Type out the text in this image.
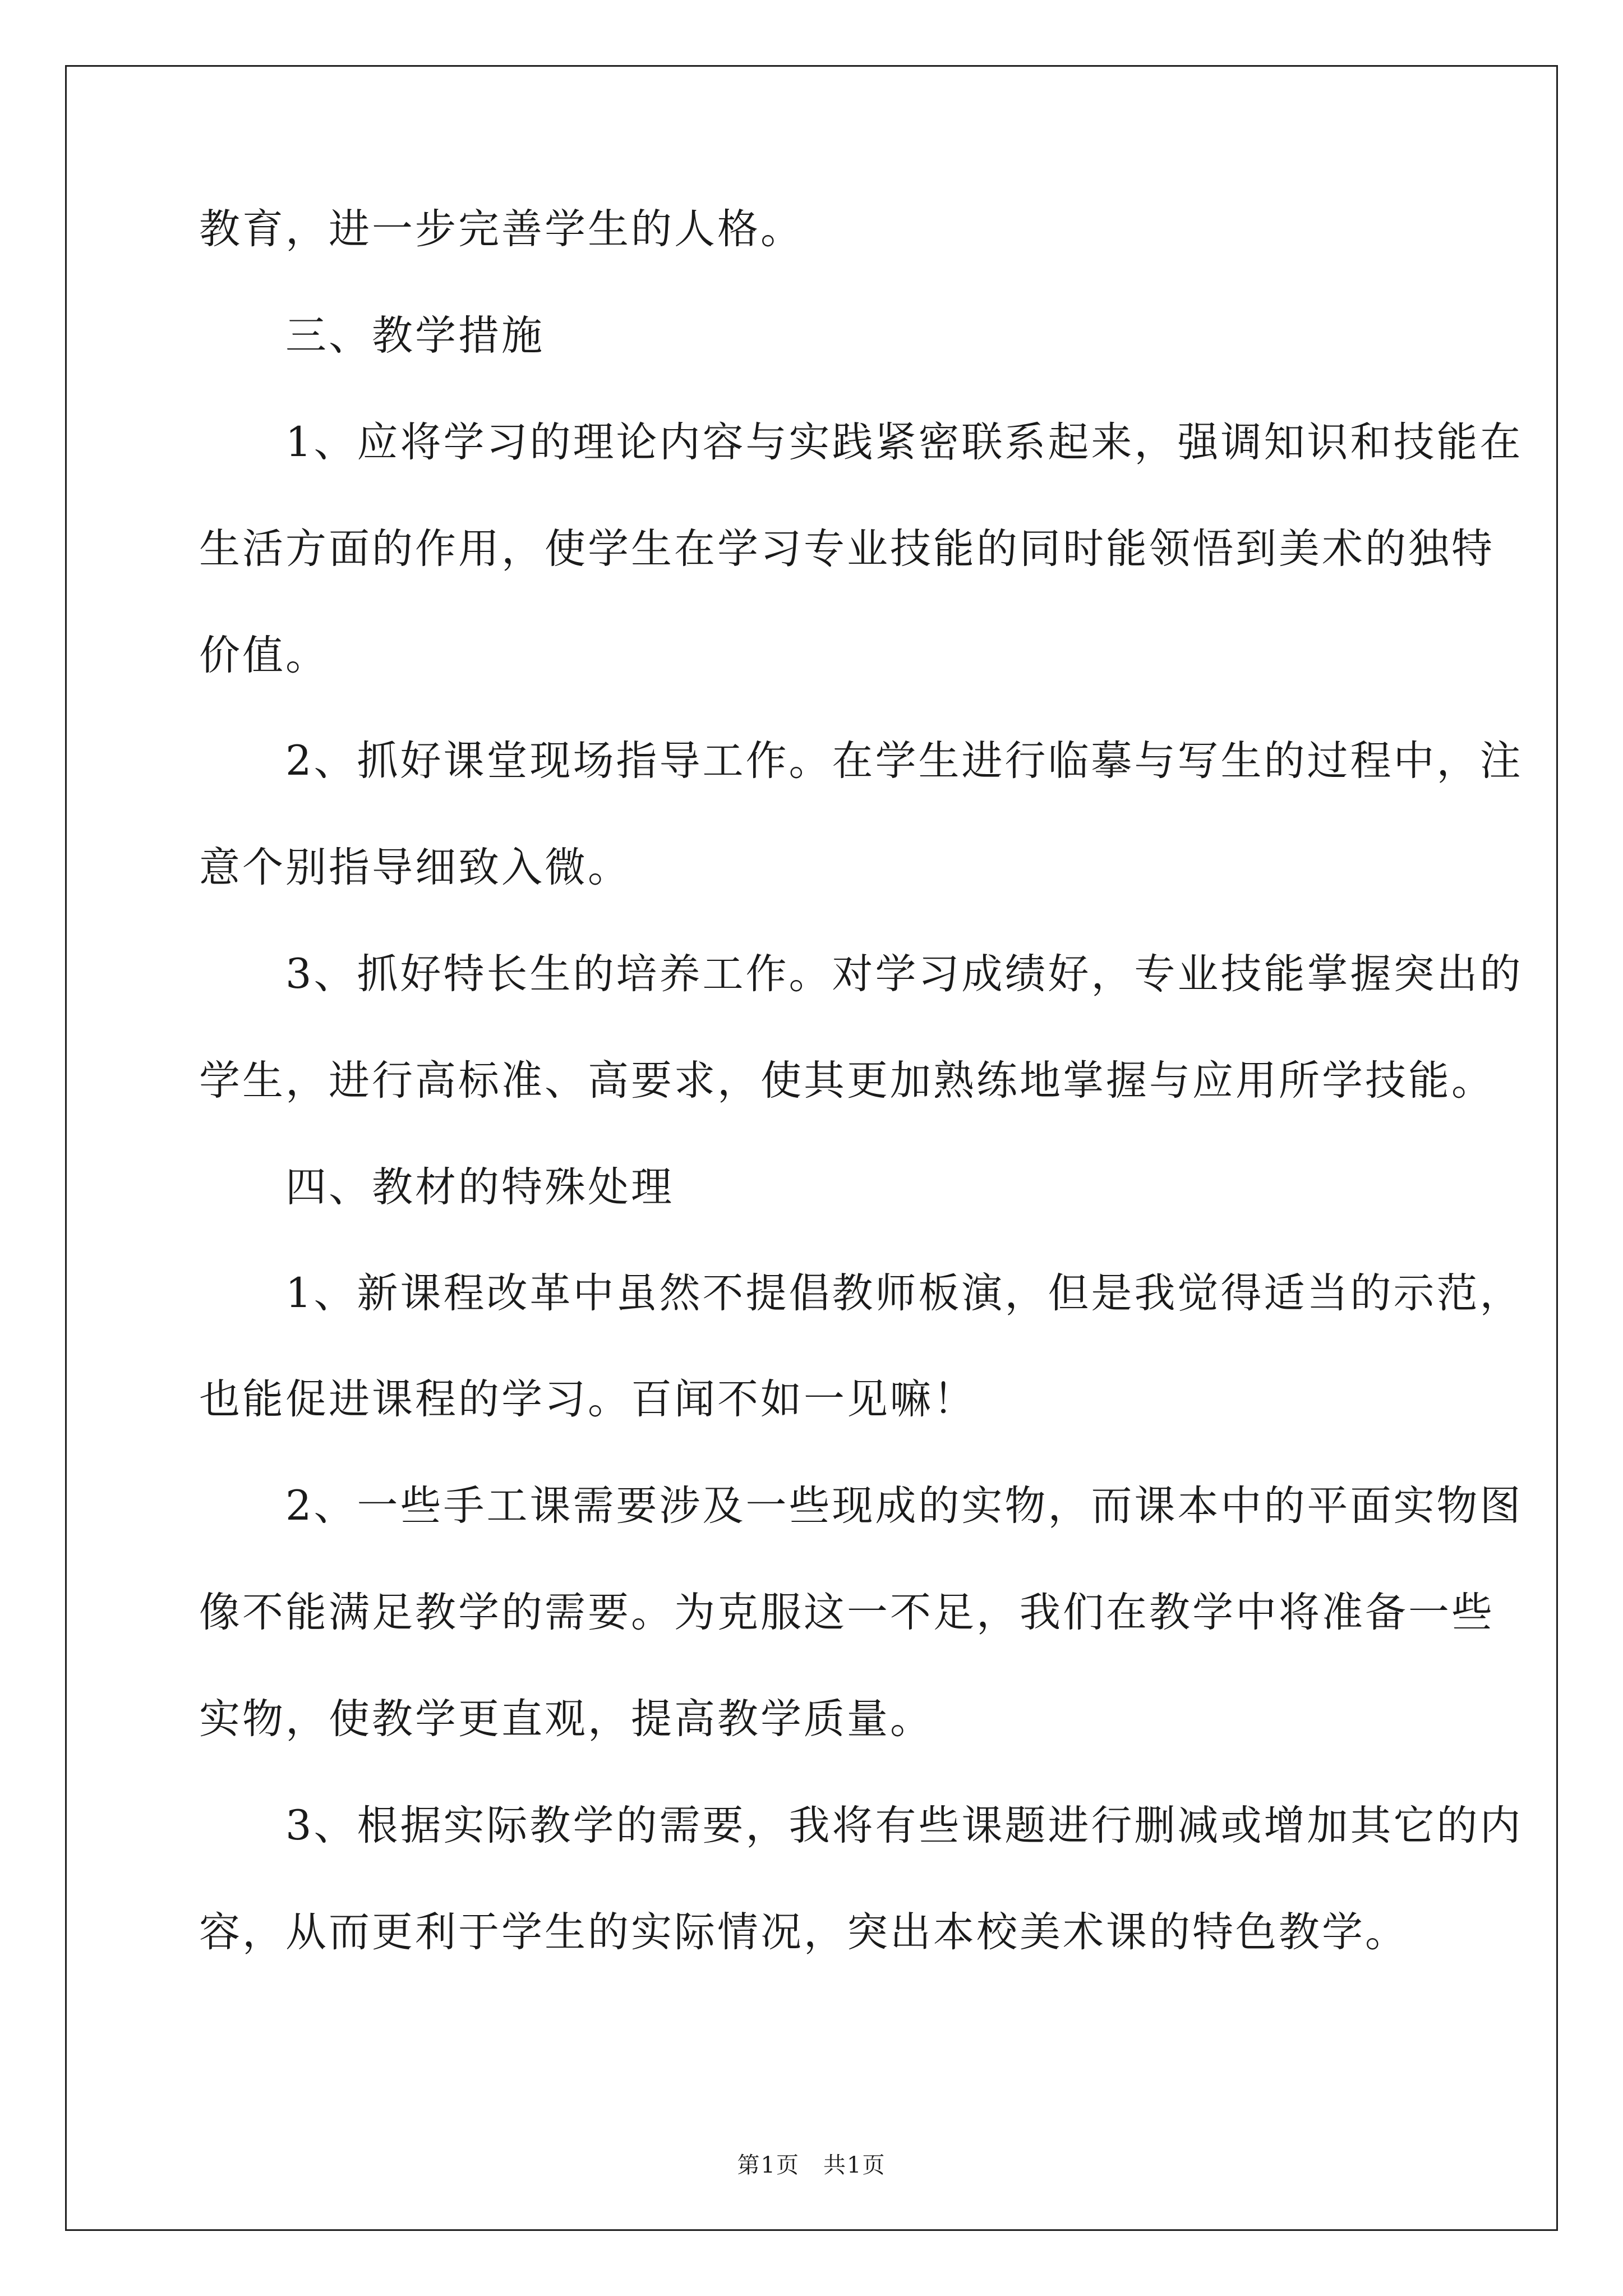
教育，进一步完善学生的人格。
　　三、教学措施
　　1、应将学习的理论内容与实践紧密联系起来，强调知识和技能在
生活方面的作用，使学生在学习专业技能的同时能领悟到美术的独特
价值。
　　2、抓好课堂现场指导工作。在学生进行临摹与写生的过程中，注
意个别指导细致入微。
　　3、抓好特长生的培养工作。对学习成绩好，专业技能掌握突出的
学生，进行高标准、高要求，使其更加熟练地掌握与应用所学技能。
　　四、教材的特殊处理
　　1、新课程改革中虽然不提倡教师板演，但是我觉得适当的示范，
也能促进课程的学习。百闻不如一见嘛！
　　2、一些手工课需要涉及一些现成的实物，而课本中的平面实物图
像不能满足教学的需要。为克服这一不足，我们在教学中将准备一些
实物，使教学更直观，提高教学质量。
　　3、根据实际教学的需要，我将有些课题进行删减或增加其它的内
容，从而更利于学生的实际情况，突出本校美术课的特色教学。
第1页　共1页
